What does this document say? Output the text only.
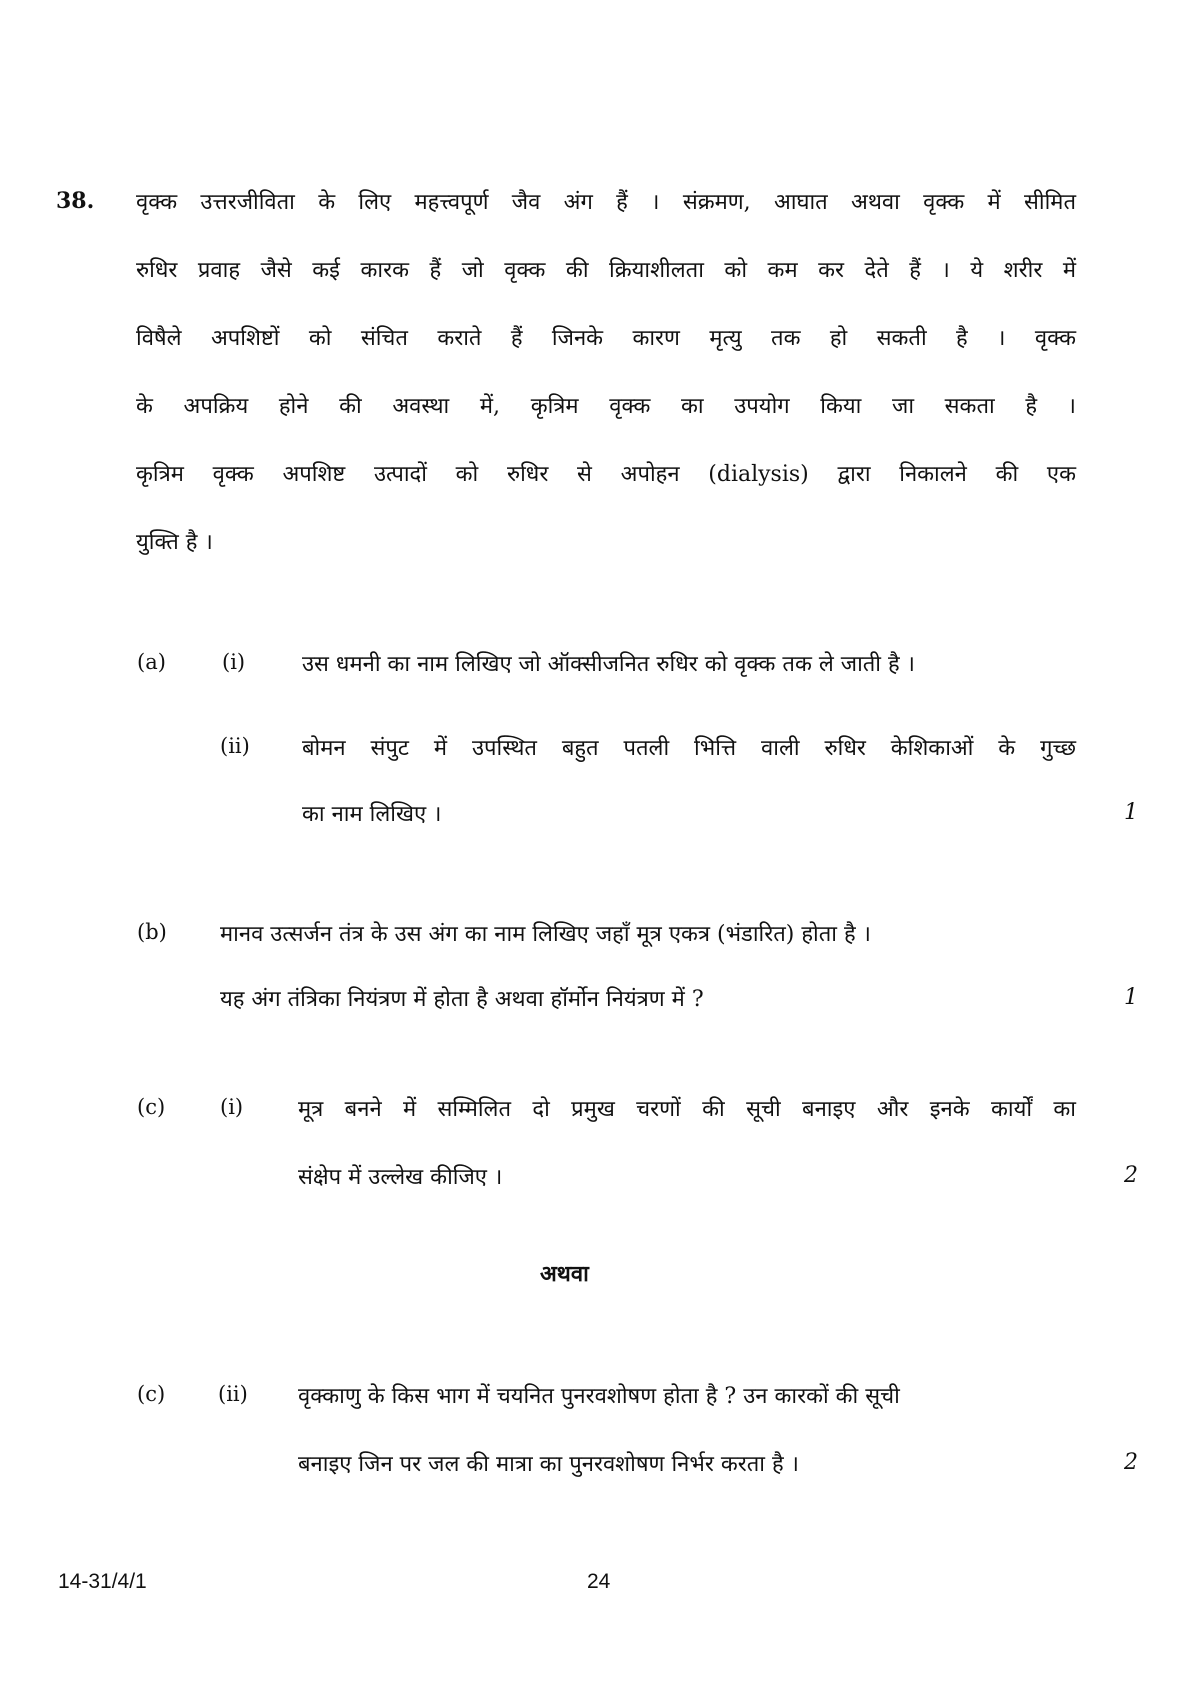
38. वृक्क उत्तरजीविता के लिए महत्त्वपूर्ण जैव अंग हैं । संक्रमण, आघात अथवा वृक्क में सीमित
रुधिर प्रवाह जैसे कई कारक हैं जो वृक्क की क्रियाशीलता को कम कर देते हैं । ये शरीर में
विषैले अपशिष्टों को संचित कराते हैं जिनके कारण मृत्यु तक हो सकती है । वृक्क
के अपक्रिय होने की अवस्था में, कृत्रिम वृक्क का उपयोग किया जा सकता है ।
कृत्रिम वृक्क अपशिष्ट उत्पादों को रुधिर से अपोहन (dialysis) द्वारा निकालने की एक
युक्ति है ।
(a)	(i)	उस धमनी का नाम लिखिए जो ऑक्सीजनित रुधिर को वृक्क तक ले जाती है ।
(ii) बोमन संपुट में उपस्थित बहुत पतली भित्ति वाली रुधिर केशिकाओं के गुच्छ
का नाम लिखिए ।	1
(b) मानव उत्सर्जन तंत्र के उस अंग का नाम लिखिए जहाँ मूत्र एकत्र (भंडारित) होता है ।
यह अंग तंत्रिका नियंत्रण में होता है अथवा हॉर्मोन नियंत्रण में ?	1
(c)	(i) मूत्र बनने में सम्मिलित दो प्रमुख चरणों की सूची बनाइए और इनके कार्यों का
संक्षेप में उल्लेख कीजिए ।	2
अथवा
(c)	(ii) वृक्काणु के किस भाग में चयनित पुनरवशोषण होता है ? उन कारकों की सूची
बनाइए जिन पर जल की मात्रा का पुनरवशोषण निर्भर करता है ।	2
14-31/4/1	24
